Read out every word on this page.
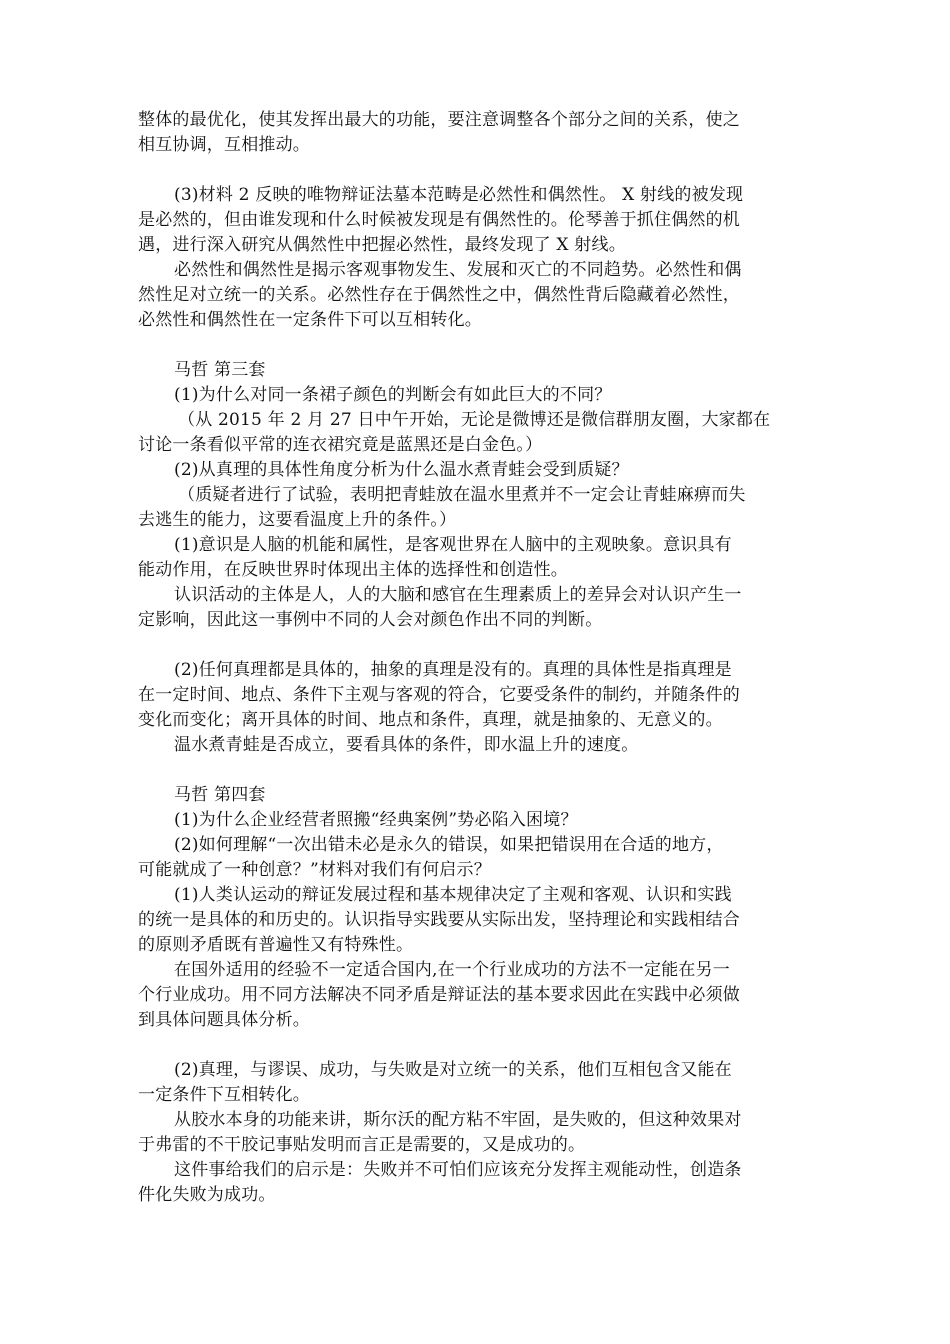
整体的最优化，使其发挥出最大的功能，要注意调整各个部分之间的关系，使之
相互协调，互相推动。
(3)材料 2 反映的唯物辩证法墓本范畴是必然性和偶然性。 X 射线的被发现
是必然的，但由谁发现和什么时候被发现是有偶然性的。伦琴善于抓住偶然的机
遇，进行深入研究从偶然性中把握必然性，最终发现了 X 射线。
必然性和偶然性是揭示客观事物发生、发展和灭亡的不同趋势。必然性和偶
然性足对立统一的关系。必然性存在于偶然性之中，偶然性背后隐藏着必然性，
必然性和偶然性在一定条件下可以互相转化。
马哲 第三套
(1)为什么对同一条裙子颜色的判断会有如此巨大的不同？
（从 2015 年 2 月 27 日中午开始，无论是微博还是微信群朋友圈，大家都在
讨论一条看似平常的连衣裙究竟是蓝黑还是白金色。）
(2)从真理的具体性角度分析为什么温水煮青蛙会受到质疑？
（质疑者进行了试验，表明把青蛙放在温水里煮并不一定会让青蛙麻痹而失
去逃生的能力，这要看温度上升的条件。）
(1)意识是人脑的机能和属性，是客观世界在人脑中的主观映象。意识具有
能动作用，在反映世界时体现出主体的选择性和创造性。
认识活动的主体是人，人的大脑和感官在生理素质上的差异会对认识产生一
定影响，因此这一事例中不同的人会对颜色作出不同的判断。
(2)任何真理都是具体的，抽象的真理是没有的。真理的具体性是指真理是
在一定时间、地点、条件下主观与客观的符合，它要受条件的制约，并随条件的
变化而变化；离开具体的时间、地点和条件，真理，就是抽象的、无意义的。
温水煮青蛙是否成立，要看具体的条件，即水温上升的速度。
马哲 第四套
(1)为什么企业经营者照搬“经典案例”势必陷入困境？
(2)如何理解“一次出错未必是永久的错误，如果把错误用在合适的地方，
可能就成了一种创意？”材料对我们有何启示？
(1)人类认运动的辩证发展过程和基本规律决定了主观和客观、认识和实践
的统一是具体的和历史的。认识指导实践要从实际出发，坚持理论和实践相结合
的原则矛盾既有普遍性又有特殊性。
在国外适用的经验不一定适合国内,在一个行业成功的方法不一定能在另一
个行业成功。用不同方法解决不同矛盾是辩证法的基本要求因此在实践中必须做
到具体问题具体分析。
(2)真理，与谬误、成功，与失败是对立统一的关系，他们互相包含又能在
一定条件下互相转化。
从胶水本身的功能来讲，斯尔沃的配方粘不牢固，是失败的，但这种效果对
于弗雷的不干胶记事贴发明而言正是需要的，又是成功的。
这件事给我们的启示是：失败并不可怕们应该充分发挥主观能动性，创造条
件化失败为成功。
